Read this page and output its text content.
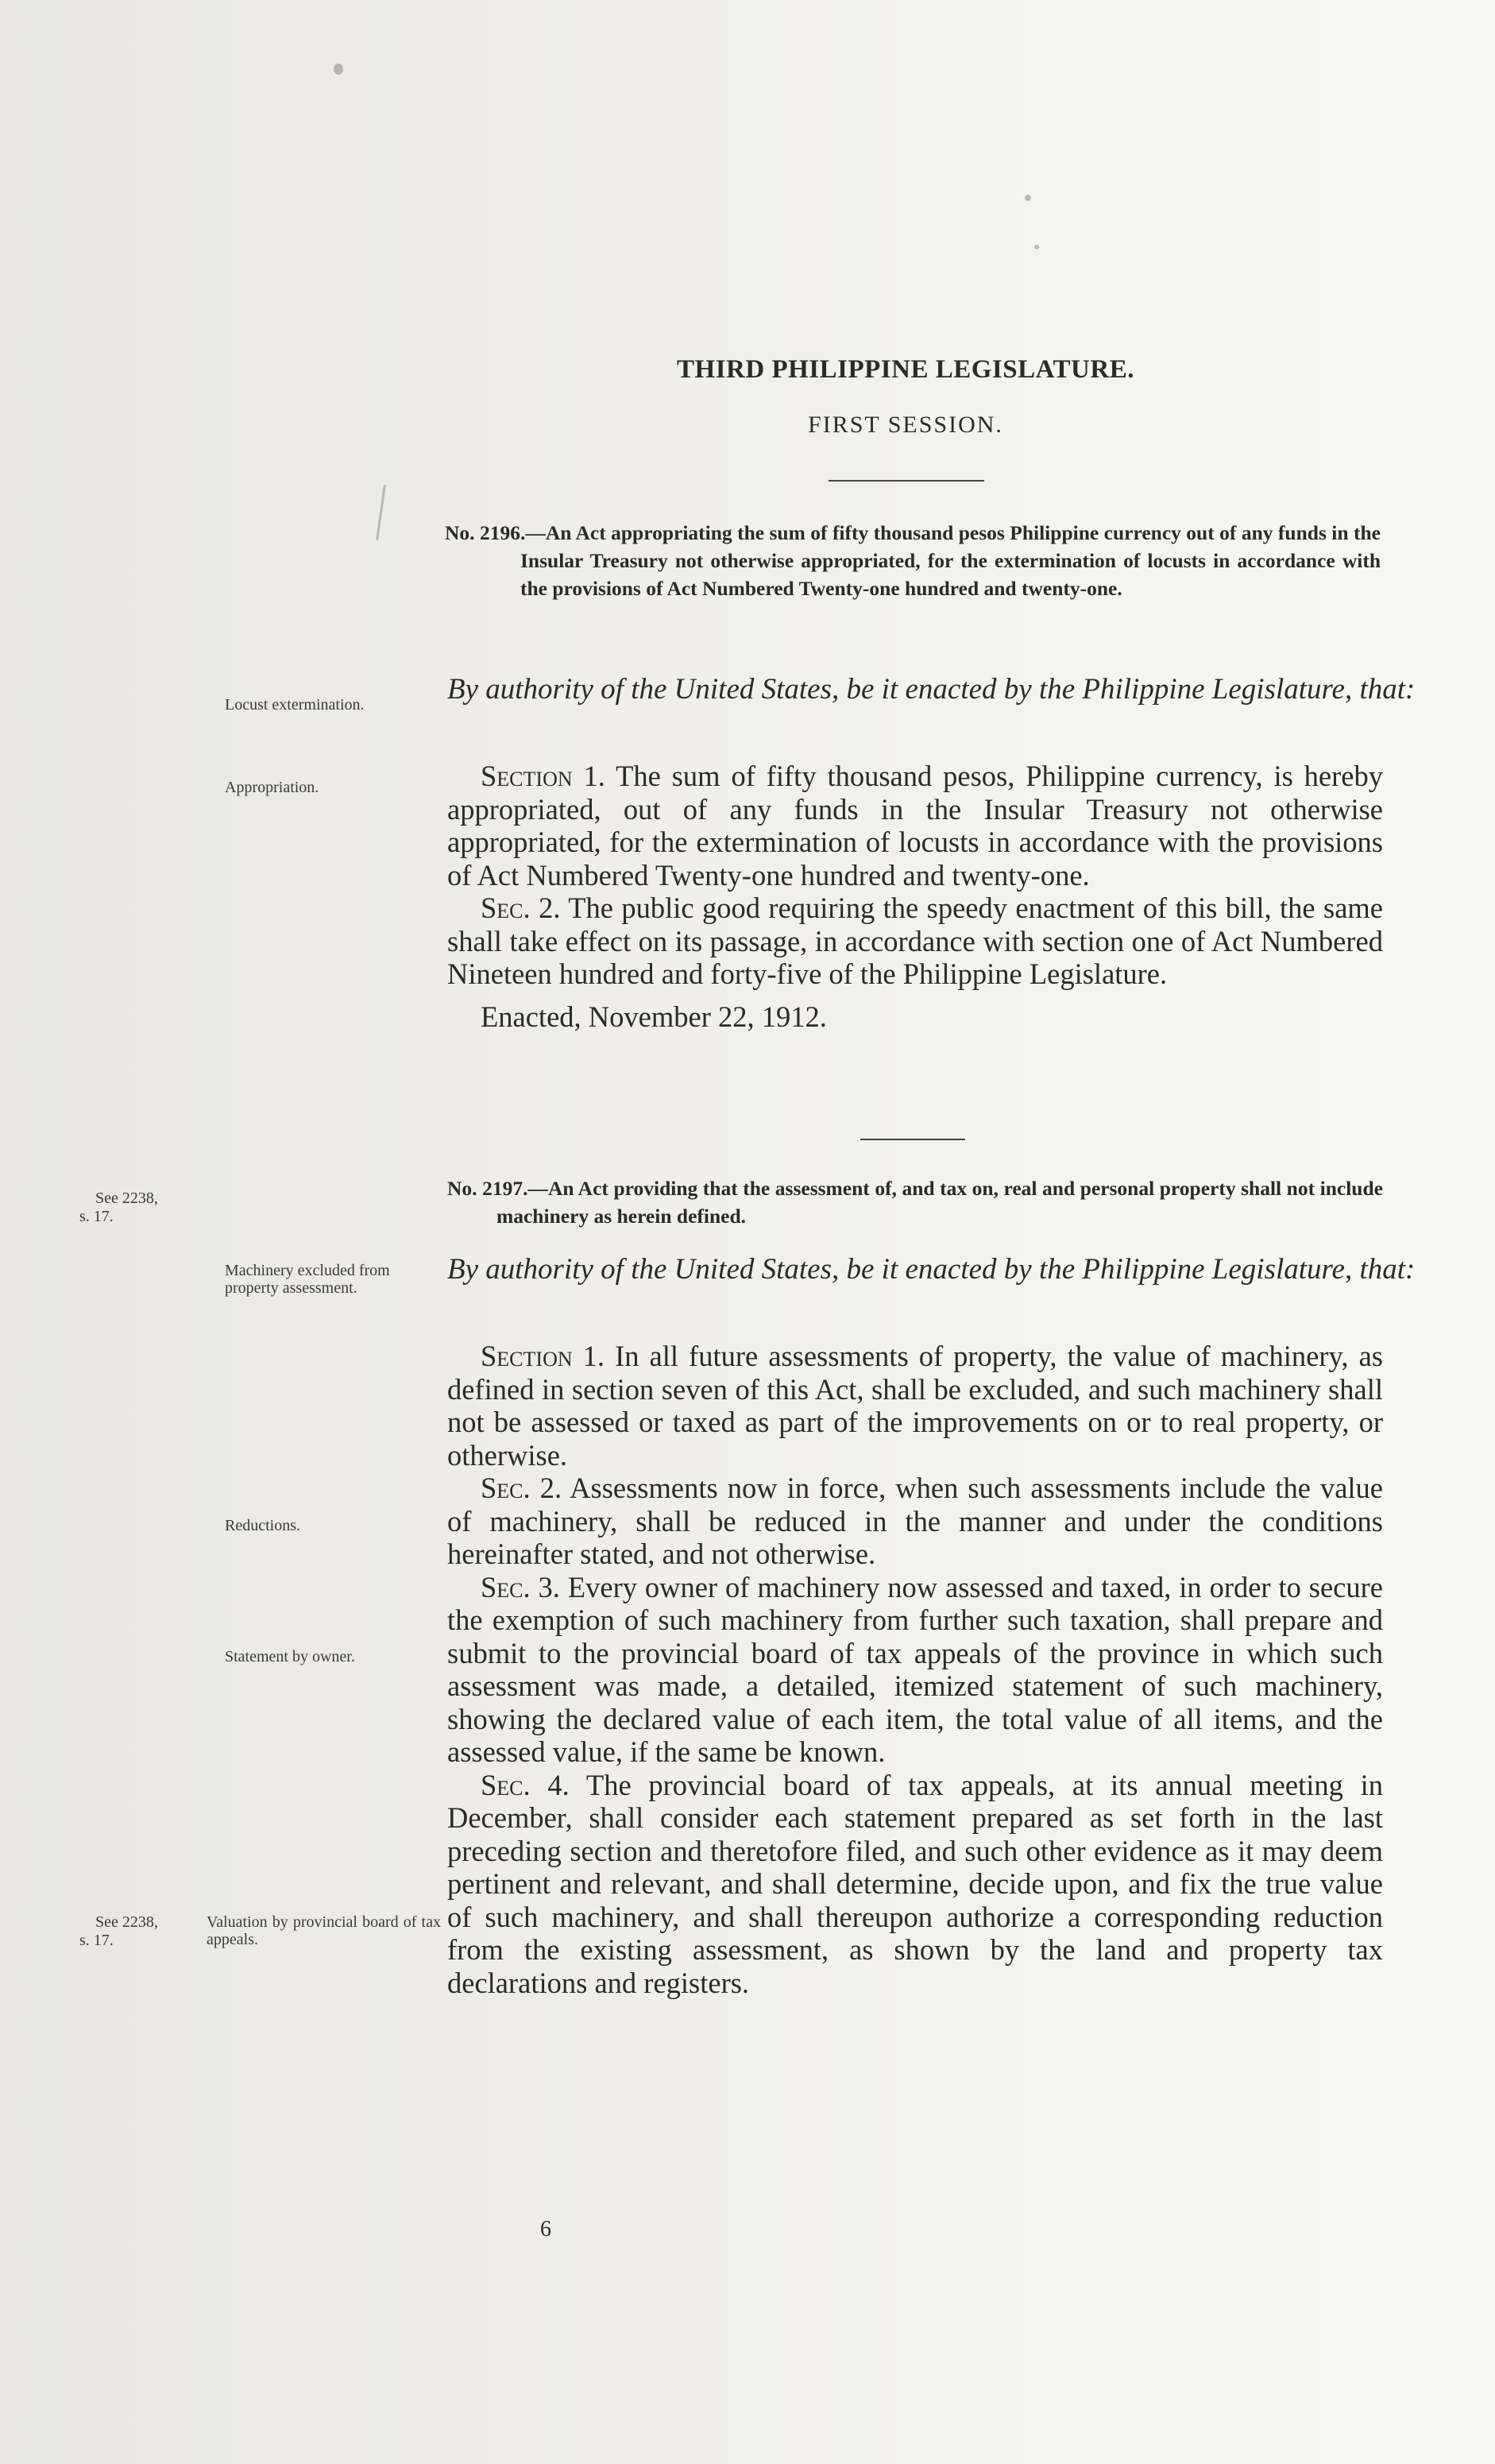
THIRD PHILIPPINE LEGISLATURE.
FIRST SESSION.
No. 2196.—An Act appropriating the sum of fifty thousand pesos Philippine currency out of any funds in the Insular Treasury not otherwise appropriated, for the extermination of locusts in accordance with the provisions of Act Numbered Twenty-one hundred and twenty-one.
Locust extermination.
Appropriation.
By authority of the United States, be it enacted by the Philippine Legislature, that:

Section 1. The sum of fifty thousand pesos, Philippine currency, is hereby appropriated, out of any funds in the Insular Treasury not otherwise appropriated, for the extermination of locusts in accordance with the provisions of Act Numbered Twenty-one hundred and twenty-one.

Sec. 2. The public good requiring the speedy enactment of this bill, the same shall take effect on its passage, in accordance with section one of Act Numbered Nineteen hundred and forty-five of the Philippine Legislature.

Enacted, November 22, 1912.

See 2238,
s. 17.
No. 2197.—An Act providing that the assessment of, and tax on, real and personal property shall not include machinery as herein defined.
Machinery excluded from property assessment.
Reductions.
Statement by owner.
See 2238,
s. 17.
Valuation by provincial board of tax appeals.
By authority of the United States, be it enacted by the Philippine Legislature, that:

Section 1. In all future assessments of property, the value of machinery, as defined in section seven of this Act, shall be excluded, and such machinery shall not be assessed or taxed as part of the improvements on or to real property, or otherwise.

Sec. 2. Assessments now in force, when such assessments include the value of machinery, shall be reduced in the manner and under the conditions hereinafter stated, and not otherwise.

Sec. 3. Every owner of machinery now assessed and taxed, in order to secure the exemption of such machinery from further such taxation, shall prepare and submit to the provincial board of tax appeals of the province in which such assessment was made, a detailed, itemized statement of such machinery, showing the declared value of each item, the total value of all items, and the assessed value, if the same be known.

Sec. 4. The provincial board of tax appeals, at its annual meeting in December, shall consider each statement prepared as set forth in the last preceding section and theretofore filed, and such other evidence as it may deem pertinent and relevant, and shall determine, decide upon, and fix the true value of such machinery, and shall thereupon authorize a corresponding reduction from the existing assessment, as shown by the land and property tax declarations and registers.

6
